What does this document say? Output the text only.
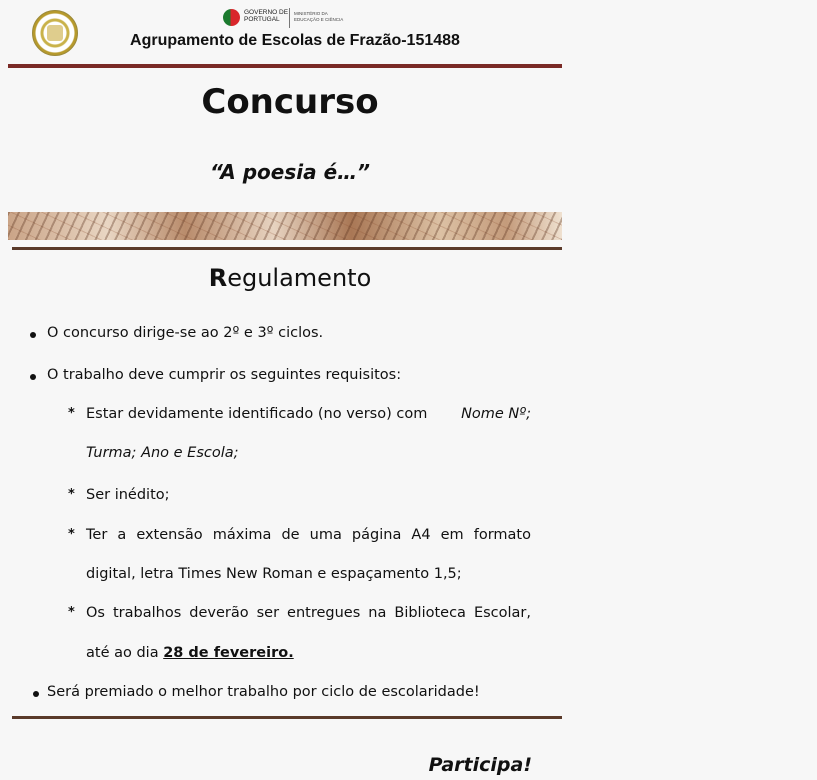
GOVERNO DE
PORTUGAL
MINISTÉRIO DA EDUCAÇÃO E CIÊNCIA
Agrupamento de Escolas de Frazão-151488
Concurso
“A poesia é…”
Regulamento
O concurso dirige-se ao 2º e 3º ciclos.
O trabalho deve cumprir os seguintes requisitos:
* Estar devidamente identificado (no verso) com Nome Nº;
Turma; Ano e Escola;
* Ser inédito;
* Ter a extensão máxima de uma página A4 em formato
digital, letra Times New Roman e espaçamento 1,5;
* Os trabalhos deverão ser entregues na Biblioteca Escolar,
até ao dia 28 de fevereiro.
Será premiado o melhor trabalho por ciclo de escolaridade!
Participa!
